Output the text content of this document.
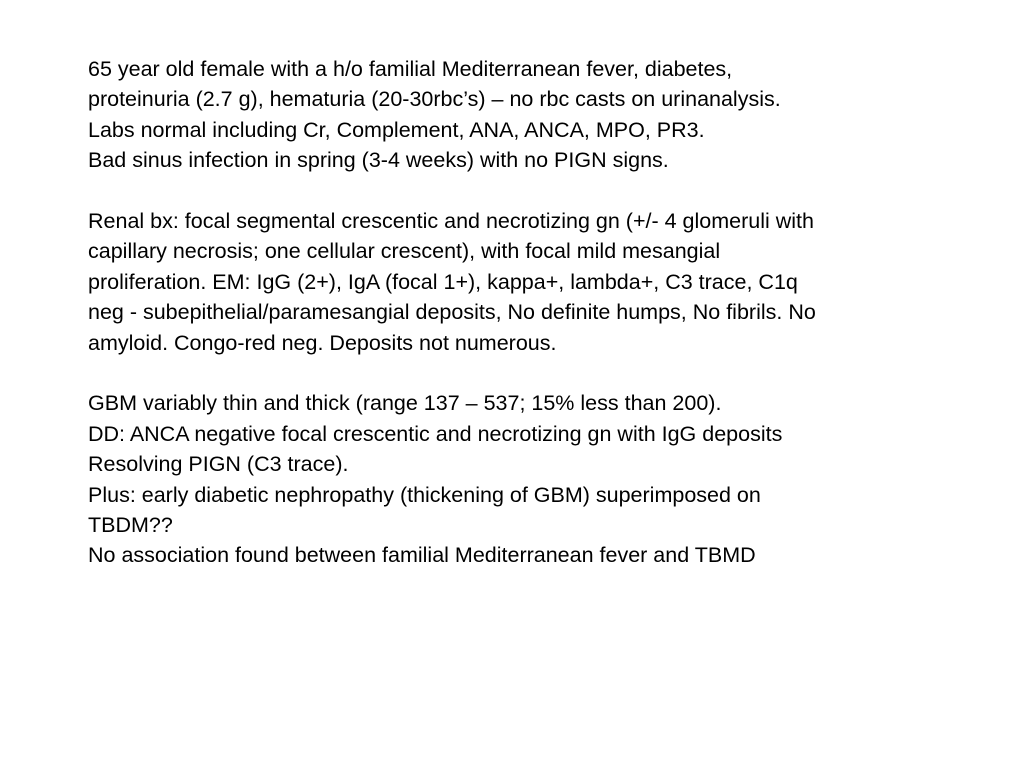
65 year old female with a h/o familial Mediterranean fever, diabetes,
proteinuria (2.7 g), hematuria (20-30rbc’s) – no rbc casts on urinanalysis.
Labs normal including Cr, Complement, ANA, ANCA, MPO, PR3.
Bad sinus infection in spring (3-4 weeks) with no PIGN signs.
Renal bx: focal segmental crescentic and necrotizing gn (+/- 4 glomeruli with
capillary necrosis; one cellular crescent), with focal mild mesangial
proliferation. EM: IgG (2+), IgA (focal 1+), kappa+, lambda+, C3 trace, C1q
neg - subepithelial/paramesangial deposits, No definite humps, No fibrils. No
amyloid. Congo-red neg. Deposits not numerous.
GBM variably thin and thick (range 137 – 537; 15% less than 200).
DD: ANCA negative focal crescentic and necrotizing gn with IgG deposits
Resolving PIGN (C3 trace).
Plus: early diabetic nephropathy (thickening of GBM) superimposed on
TBDM??
No association found between familial Mediterranean fever and TBMD
